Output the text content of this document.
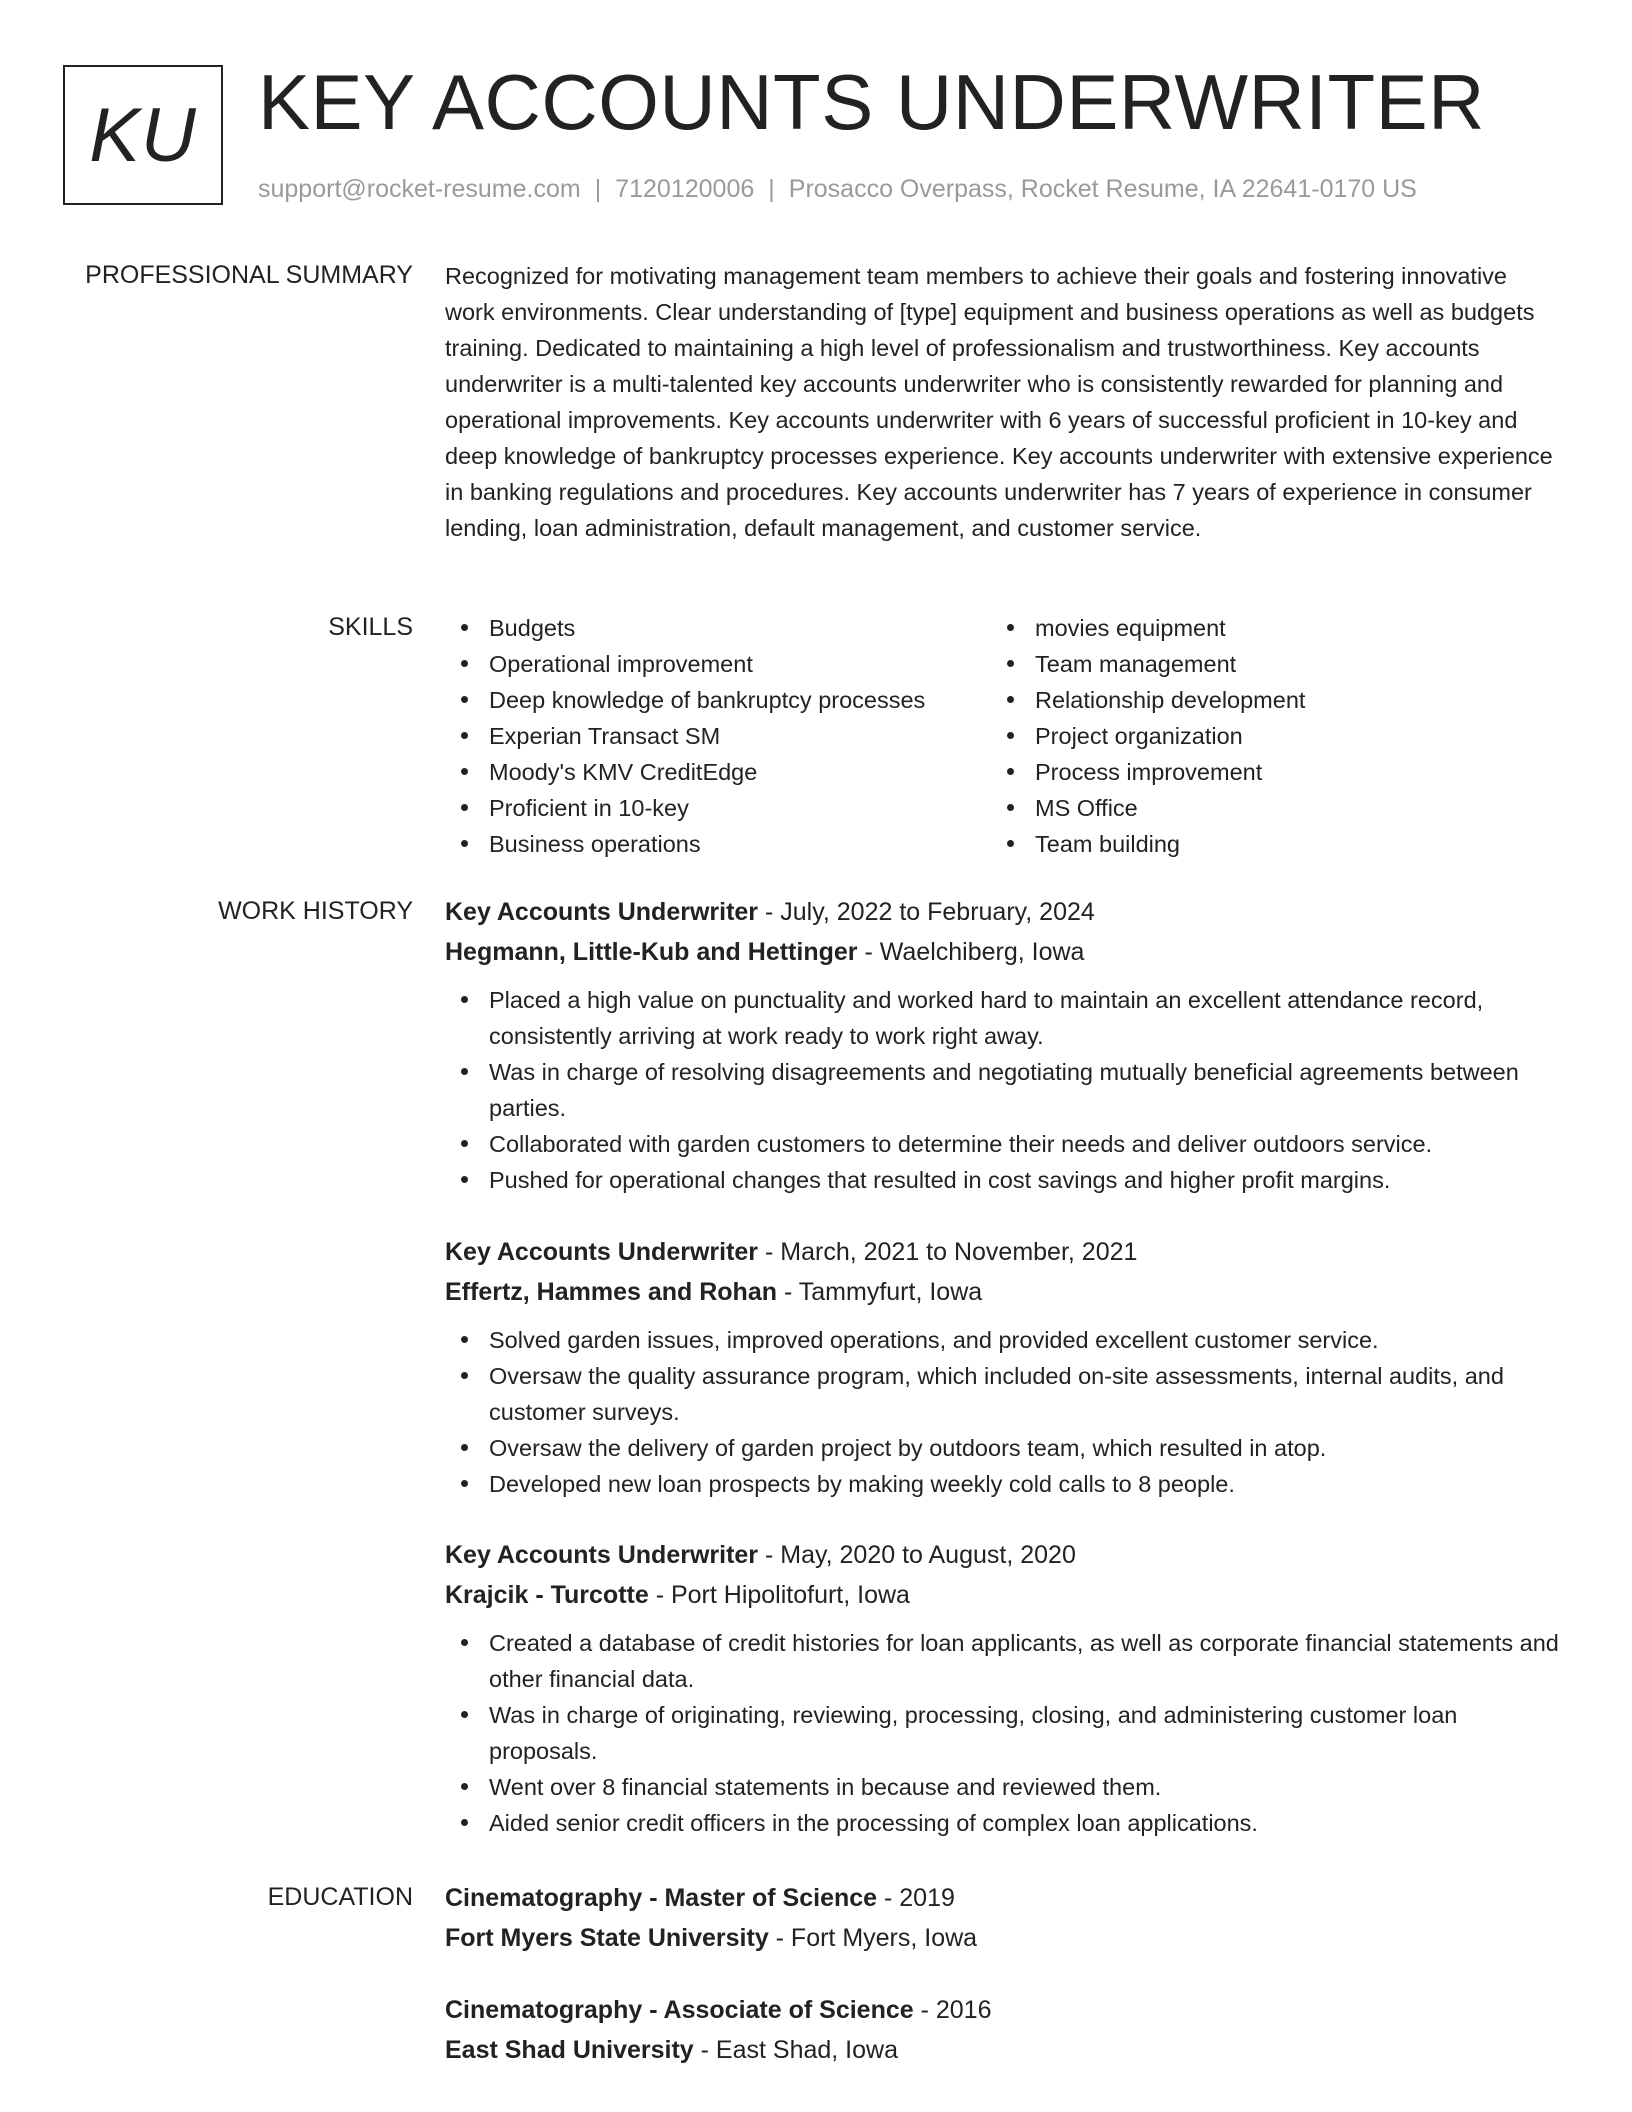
KU KEY ACCOUNTS UNDERWRITER
support@rocket-resume.com | 7120120006 | Prosacco Overpass, Rocket Resume, IA 22641-0170 US
PROFESSIONAL SUMMARY Recognized for motivating management team members to achieve their goals and fostering innovative work environments. Clear understanding of [type] equipment and business operations as well as budgets training. Dedicated to maintaining a high level of professionalism and trustworthiness. Key accounts underwriter is a multi-talented key accounts underwriter who is consistently rewarded for planning and operational improvements. Key accounts underwriter with 6 years of successful proficient in 10-key and deep knowledge of bankruptcy processes experience. Key accounts underwriter with extensive experience in banking regulations and procedures. Key accounts underwriter has 7 years of experience in consumer lending, loan administration, default management, and customer service.

SKILLS	Budgets
Operational improvement
Deep knowledge of bankruptcy processes
Experian Transact SM
Moody's KMV CreditEdge
Proficient in 10-key
Business operations
movies equipment
Team management
Relationship development
Project organization
Process improvement
MS Office
Team building
WORK HISTORY Key Accounts Underwriter - July, 2022 to February, 2024
Hegmann, Little-Kub and Hettinger - Waelchiberg, Iowa
Placed a high value on punctuality and worked hard to maintain an excellent attendance record, consistently arriving at work ready to work right away.
Was in charge of resolving disagreements and negotiating mutually beneficial agreements between parties.
Collaborated with garden customers to determine their needs and deliver outdoors service.
Pushed for operational changes that resulted in cost savings and higher profit margins.
Key Accounts Underwriter - March, 2021 to November, 2021
Effertz, Hammes and Rohan - Tammyfurt, Iowa
Solved garden issues, improved operations, and provided excellent customer service.
Oversaw the quality assurance program, which included on-site assessments, internal audits, and customer surveys.
Oversaw the delivery of garden project by outdoors team, which resulted in atop.
Developed new loan prospects by making weekly cold calls to 8 people.
Key Accounts Underwriter - May, 2020 to August, 2020
Krajcik - Turcotte - Port Hipolitofurt, Iowa
Created a database of credit histories for loan applicants, as well as corporate financial statements and other financial data.
Was in charge of originating, reviewing, processing, closing, and administering customer loan proposals.
Went over 8 financial statements in because and reviewed them.
Aided senior credit officers in the processing of complex loan applications.
EDUCATION Cinematography - Master of Science - 2019
Fort Myers State University - Fort Myers, Iowa
Cinematography - Associate of Science - 2016
East Shad University - East Shad, Iowa
